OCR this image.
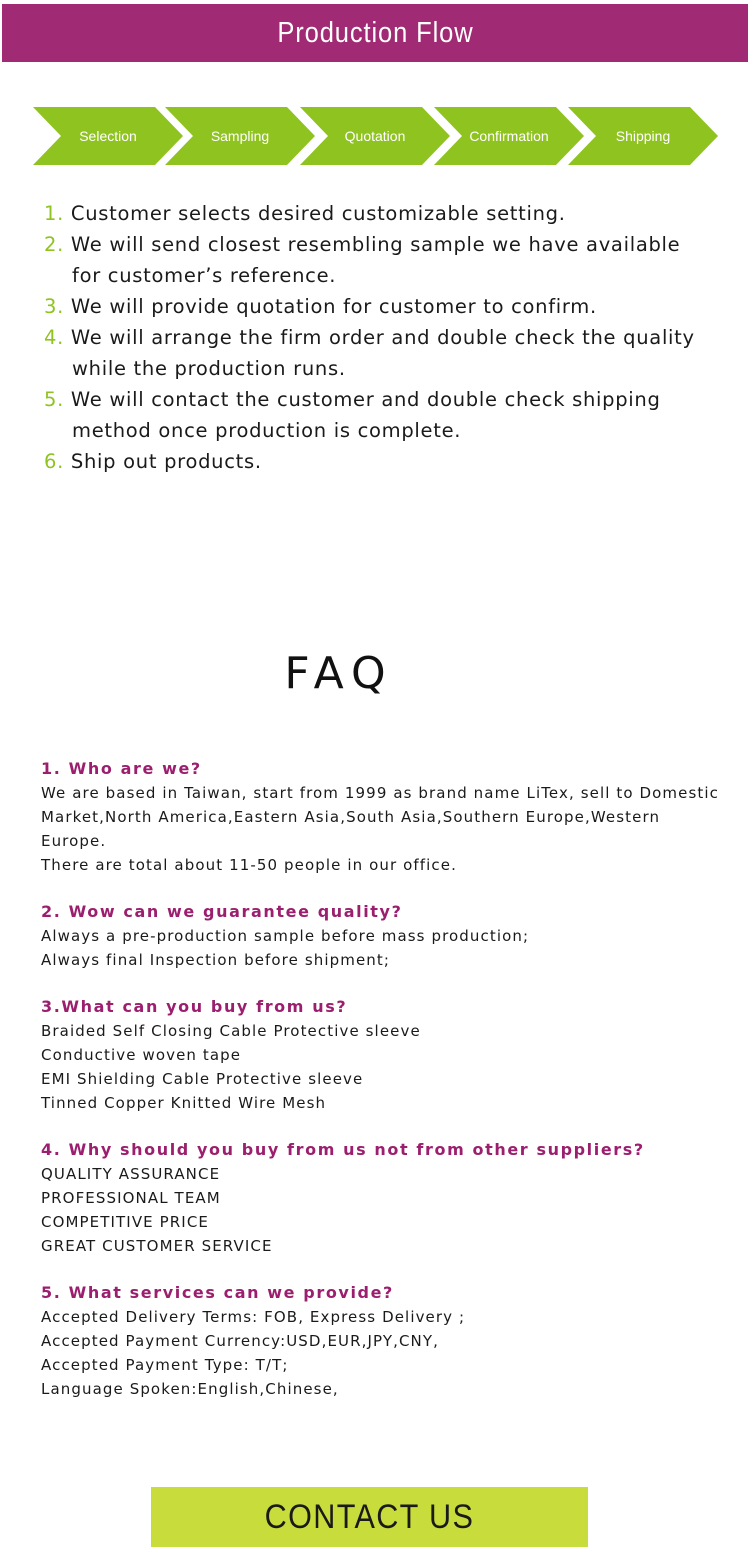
Production Flow
Selection	Sampling	Quotation	Confirmation	Shipping
1. Customer selects desired customizable setting.
2. We will send closest resembling sample we have available
for customer’s reference.
3. We will provide quotation for customer to confirm.
4. We will arrange the firm order and double check the quality
while the production runs.
5. We will contact the customer and double check shipping
method once production is complete.
6. Ship out products.
FAQ
1. Who are we?
We are based in Taiwan, start from 1999 as brand name LiTex, sell to Domestic
Market,North America,Eastern Asia,South Asia,Southern Europe,Western Europe.
There are total about 11-50 people in our office.
2. Wow can we guarantee quality?
Always a pre-production sample before mass production;
Always final Inspection before shipment;
3.What can you buy from us?
Braided Self Closing Cable Protective sleeve
Conductive woven tape
EMI Shielding Cable Protective sleeve
Tinned Copper Knitted Wire Mesh
4. Why should you buy from us not from other suppliers?
QUALITY ASSURANCE
PROFESSIONAL TEAM
COMPETITIVE PRICE
GREAT CUSTOMER SERVICE
5. What services can we provide?
Accepted Delivery Terms: FOB, Express Delivery ;
Accepted Payment Currency:USD,EUR,JPY,CNY,
Accepted Payment Type: T/T;
Language Spoken:English,Chinese,
CONTACT US
